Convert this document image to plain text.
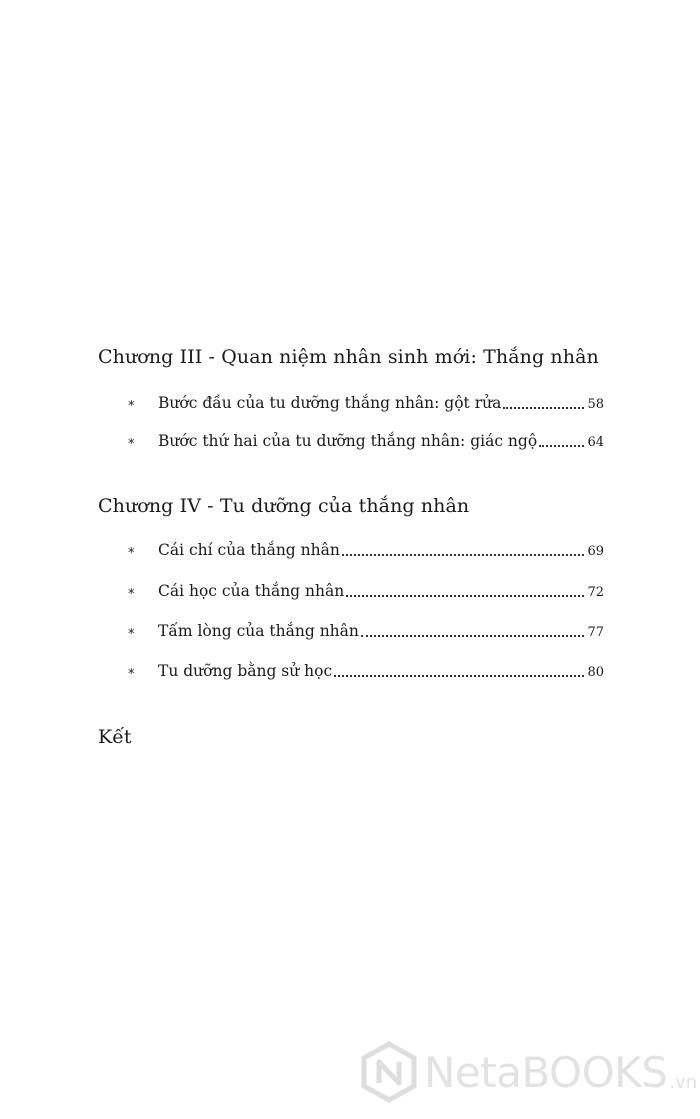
Chương III - Quan niệm nhân sinh mới: Thắng nhân
*	Bước đầu của tu dưỡng thắng nhân: gột rửa	58
*	Bước thứ hai của tu dưỡng thắng nhân: giác ngộ	64
Chương IV - Tu dưỡng của thắng nhân
*	Cái chí của thắng nhân	69
*	Cái học của thắng nhân	72
*	Tấm lòng của thắng nhân	77
*	Tu dưỡng bằng sử học	80
Kết
NetaBOOKS .vn
